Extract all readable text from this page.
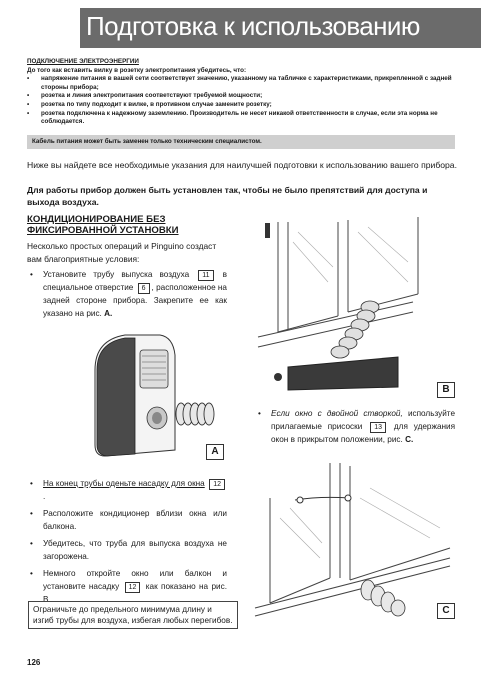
Подготовка к использованию
ПОДКЛЮЧЕНИЕ ЭЛЕКТРОЭНЕРГИИ
До того как вставить вилку в розетку электропитания убедитесь, что:
• напряжение питания в вашей сети соответствует значению, указанному на табличке с характеристиками, прикрепленной с задней стороны прибора;
• розетка и линия электропитания соответствуют требуемой мощности;
• розетка по типу подходит к вилке, в противном случае замените розетку;
• розетка подключена к надежному заземлению. Производитель не несет никакой ответственности в случае, если эта норма не соблюдается.
Кабель питания может быть заменен только техническим специалистом.
Ниже вы найдете все необходимые указания для наилучшей подготовки к использованию вашего прибора.
Для работы прибор должен быть установлен так, чтобы не было препятствий для доступа и выхода воздуха.
КОНДИЦИОНИРОВАНИЕ БЕЗ ФИКСИРОВАННОЙ УСТАНОВКИ
Несколько простых операций и Pinguino создаст вам благоприятные условия:
• Установите трубу выпуска воздуха 11 в специальное отверстие 6 , расположенное на задней стороне прибора. Закрепите ее как указано на рис. A.
• На конец трубы оденьте насадку для окна 12.
• Расположите кондиционер вблизи окна или балкона.
• Убедитесь, что труба для выпуска воздуха не загорожена.
• Немного откройте окно или балкон и установите насадку 12 как показано на рис. В.
• Если окно с двойной створкой, используйте прилагаемые присоски 13 для удержания окон в прикрытом положении, рис. C.
Ограничьте до предельного минимума длину и изгиб трубы для воздуха, избегая любых перегибов.
126
A
B
C
